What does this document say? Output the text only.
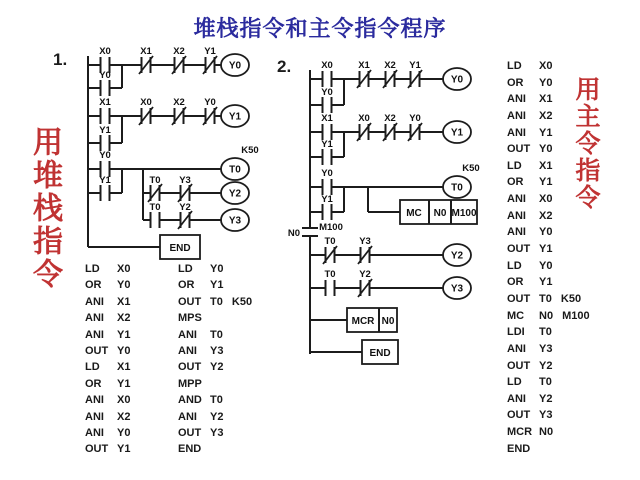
堆栈指令和主令指令程序
用堆栈指令	用主令指令
1.	2.
X0	X1 X2 Y1
Y0
Y0
X1	X0 X2 Y0
Y1
Y1
Y0
Y1
K50
T0
T0 Y3
Y2
T0 Y2
Y3
END
X0	X1 X2 Y1
Y0
Y0
X1	X0 X2 Y0
Y1
Y1
Y0
Y1
K50
T0
MC N0 M100
N0
M100
T0 Y3
Y2
T0 Y2
Y3
MCR N0
END
LD	X0
OR	Y0
ANI	X1
ANI	X2
ANI	Y1
OUT Y0
LD	X1
OR	Y1
ANI	X0
ANI	X2
ANI	Y0
OUT Y1
LD	Y0
OR	Y1
OUT T0 K50
MPS
ANI	T0
ANI	Y3
OUT Y2
MPP
AND T0
ANI	Y2
OUT Y3
END
LD	X0
OR	Y0
ANI	X1
ANI	X2
ANI	Y1
OUT Y0
LD	X1
OR	Y1
ANI	X0
ANI	X2
ANI	Y0
OUT Y1
LD	Y0
OR	Y1
OUT T0 K50
MC	N0 M100
LDI	T0
ANI	Y3
OUT Y2
LD	T0
ANI	Y2
OUT Y3
MCR N0
END
